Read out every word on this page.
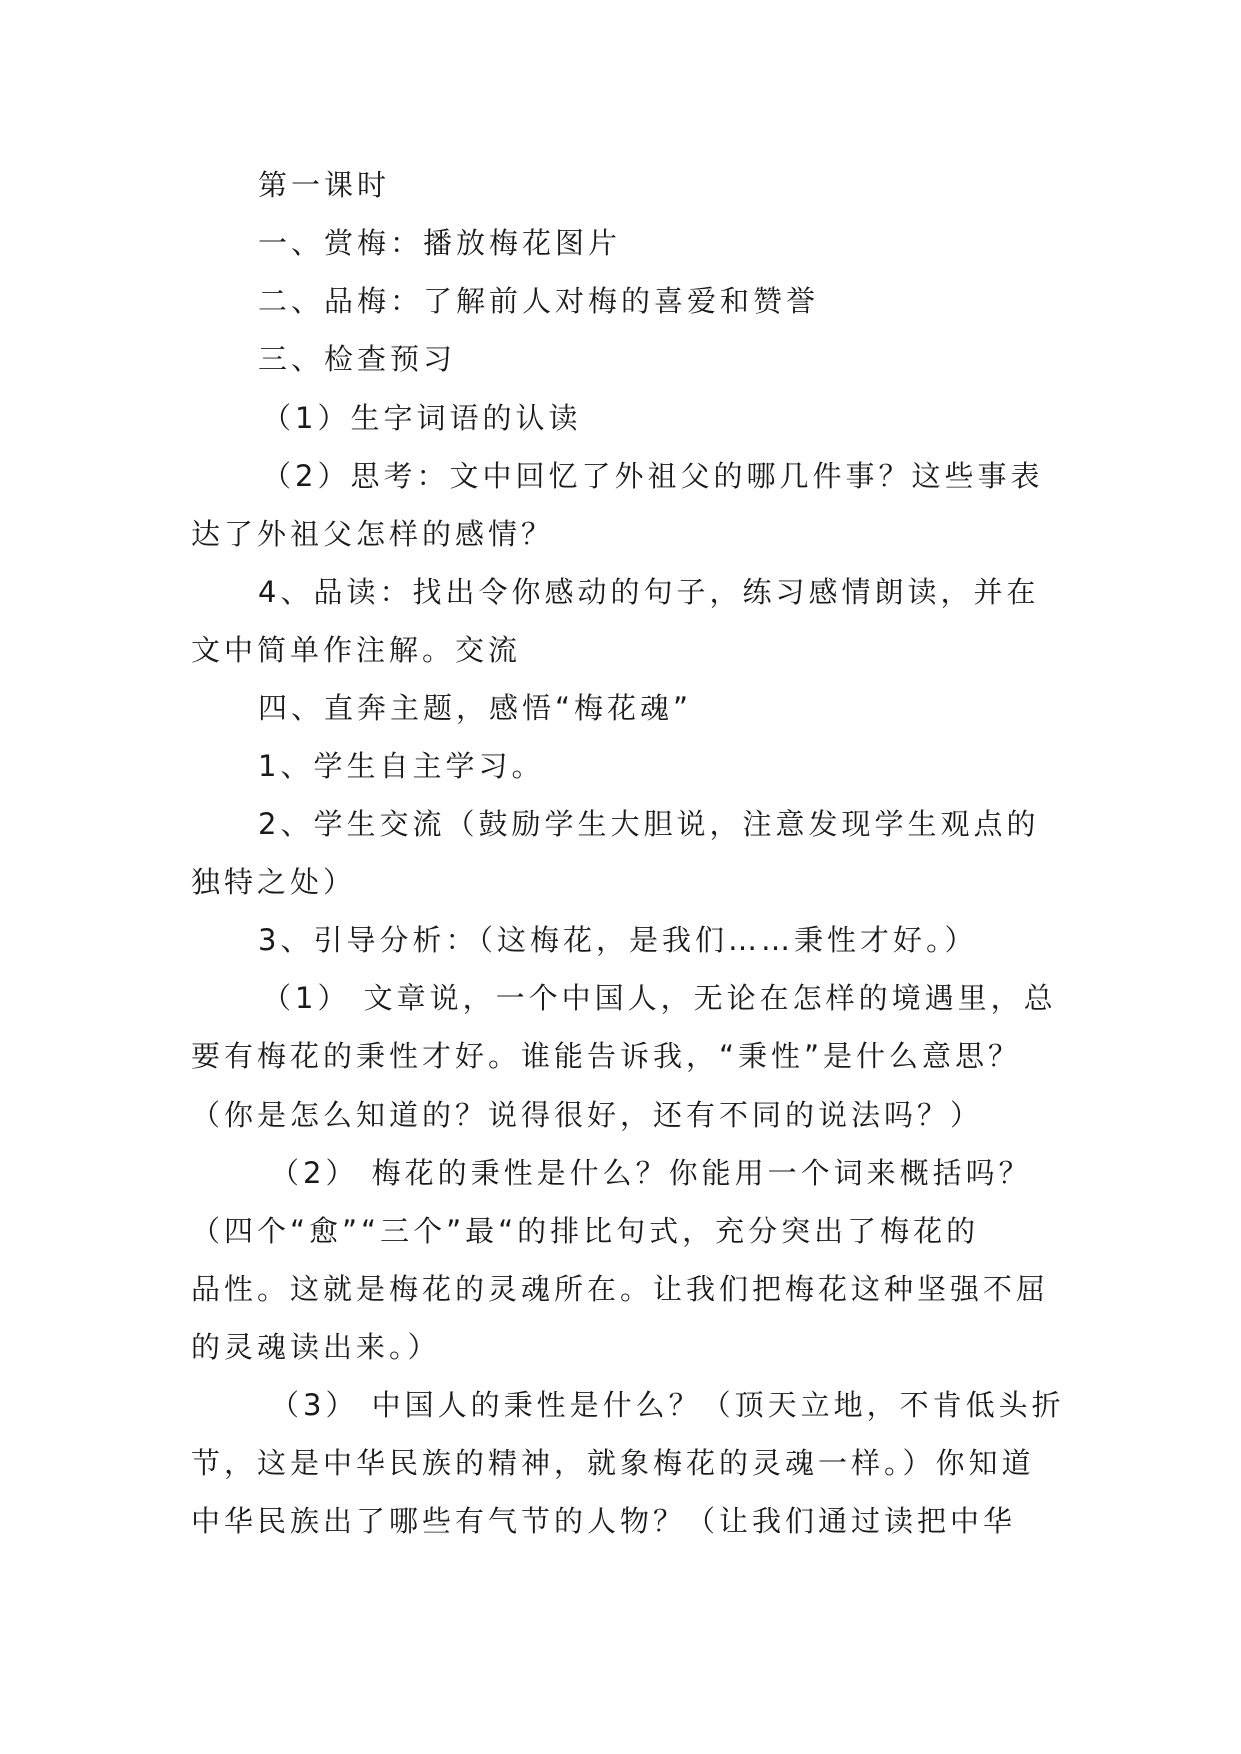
第一课时
一、赏梅：播放梅花图片
二、品梅：了解前人对梅的喜爱和赞誉
三、检查预习
（1）生字词语的认读
（2）思考：文中回忆了外祖父的哪几件事？这些事表
达了外祖父怎样的感情？
4、品读：找出令你感动的句子，练习感情朗读，并在
文中简单作注解。交流
四、直奔主题，感悟“梅花魂”
1、学生自主学习。
2、学生交流（鼓励学生大胆说，注意发现学生观点的
独特之处）
3、引导分析：（这梅花，是我们……秉性才好。）
（1） 文章说，一个中国人，无论在怎样的境遇里，总
要有梅花的秉性才好。谁能告诉我，“秉性”是什么意思？
（你是怎么知道的？说得很好，还有不同的说法吗？）
（2） 梅花的秉性是什么？你能用一个词来概括吗？
（四个“愈”“三个”最“的排比句式，充分突出了梅花的
品性。这就是梅花的灵魂所在。让我们把梅花这种坚强不屈
的灵魂读出来。）
（3） 中国人的秉性是什么？（顶天立地，不肯低头折
节，这是中华民族的精神，就象梅花的灵魂一样。）你知道
中华民族出了哪些有气节的人物？（让我们通过读把中华
